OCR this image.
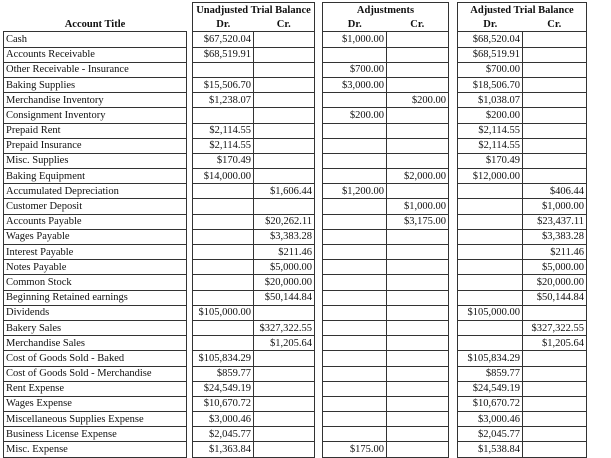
		Unadjusted Trial Balance			Adjustments			Adjusted Trial Balance	
Account Title		Dr.	Cr.		Dr.	Cr.		Dr.	Cr.
Cash		$67,520.04			$1,000.00			$68,520.04	
Accounts Receivable		$68,519.91						$68,519.91	
Other Receivable - Insurance					$700.00			$700.00	
Baking Supplies		$15,506.70			$3,000.00			$18,506.70	
Merchandise Inventory		$1,238.07				$200.00		$1,038.07	
Consignment Inventory					$200.00			$200.00	
Prepaid Rent		$2,114.55						$2,114.55	
Prepaid Insurance		$2,114.55						$2,114.55	
Misc. Supplies		$170.49						$170.49	
Baking Equipment		$14,000.00				$2,000.00		$12,000.00	
Accumulated Depreciation			$1,606.44		$1,200.00				$406.44
Customer Deposit						$1,000.00			$1,000.00
Accounts Payable			$20,262.11			$3,175.00			$23,437.11
Wages Payable			$3,383.28						$3,383.28
Interest Payable			$211.46						$211.46
Notes Payable			$5,000.00						$5,000.00
Common Stock			$20,000.00						$20,000.00
Beginning Retained earnings			$50,144.84						$50,144.84
Dividends		$105,000.00						$105,000.00	
Bakery Sales			$327,322.55						$327,322.55
Merchandise Sales			$1,205.64						$1,205.64
Cost of Goods Sold - Baked		$105,834.29						$105,834.29	
Cost of Goods Sold - Merchandise		$859.77						$859.77	
Rent Expense		$24,549.19						$24,549.19	
Wages Expense		$10,670.72						$10,670.72	
Miscellaneous Supplies Expense		$3,000.46						$3,000.46	
Business License Expense		$2,045.77						$2,045.77	
Misc. Expense		$1,363.84			$175.00			$1,538.84	
